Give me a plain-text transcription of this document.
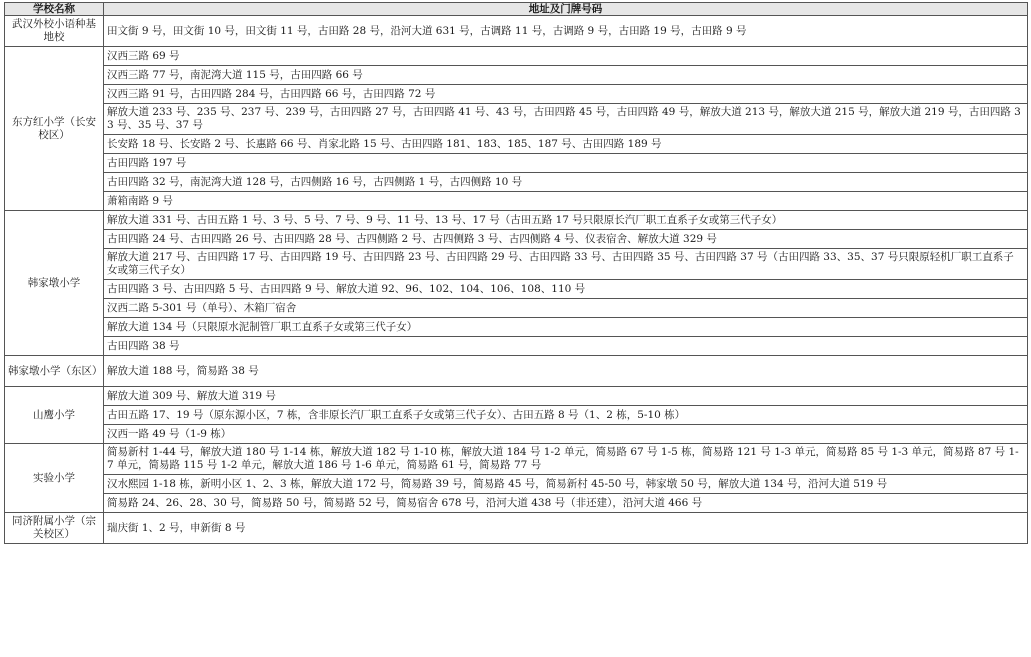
学校名称	地址及门牌号码
武汉外校小语种基地校	田文街 9 号，田文街 10 号，田文街 11 号，古田路 28 号，沿河大道 631 号，古调路 11 号，古调路 9 号，古田路 19 号，古田路 9 号
东方红小学（长安校区）	汉西三路 69 号
	汉西三路 77 号，南泥湾大道 115 号，古田四路 66 号
	汉西三路 91 号，古田四路 284 号，古田四路 66 号，古田四路 72 号
	解放大道 233 号、235 号、237 号、239 号，古田四路 27 号，古田四路 41 号、43 号，古田四路 45 号，古田四路 49 号，解放大道 213 号，解放大道 215 号，解放大道 219 号，古田四路 33 号、35 号、37 号
	长安路 18 号、长安路 2 号、长惠路 66 号、肖家北路 15 号、古田四路 181、183、185、187 号、古田四路 189 号
	古田四路 197 号
	古田四路 32 号，南泥湾大道 128 号，古四侧路 16 号，古四侧路 1 号，古四侧路 10 号
	萧箱南路 9 号
韩家墩小学	解放大道 331 号、古田五路 1 号、3 号、5 号、7 号、9 号、11 号、13 号、17 号（古田五路 17 号只限原长汽厂职工直系子女或第三代子女）
	古田四路 24 号、古田四路 26 号、古田四路 28 号、古四侧路 2 号、古四侧路 3 号、古四侧路 4 号、仪表宿舍、解放大道 329 号
	解放大道 217 号、古田四路 17 号、古田四路 19 号、古田四路 23 号、古田四路 29 号、古田四路 33 号、古田四路 35 号、古田四路 37 号（古田四路 33、35、37 号只限原轻机厂职工直系子女或第三代子女）
	古田四路 3 号、古田四路 5 号、古田四路 9 号、解放大道 92、96、102、104、106、108、110 号
	汉西二路 5-301 号（单号）、木箱厂宿舍
	解放大道 134 号（只限原水泥制管厂职工直系子女或第三代子女）
	古田四路 38 号
韩家墩小学（东区）	解放大道 188 号，简易路 38 号
山鹰小学	解放大道 309 号、解放大道 319 号
	古田五路 17、19 号（原东源小区，7 栋，含非原长汽厂职工直系子女或第三代子女）、古田五路 8 号（1、2 栋，5-10 栋）
	汉西一路 49 号（1-9 栋）
实验小学	简易新村 1-44 号，解放大道 180 号 1-14 栋，解放大道 182 号 1-10 栋，解放大道 184 号 1-2 单元，简易路 67 号 1-5 栋，简易路 121 号 1-3 单元，简易路 85 号 1-3 单元，简易路 87 号 1-7 单元，简易路 115 号 1-2 单元，解放大道 186 号 1-6 单元，简易路 61 号，简易路 77 号
	汉水熙园 1-18 栋，新明小区 1、2、3 栋，解放大道 172 号，简易路 39 号，简易路 45 号，简易新村 45-50 号，韩家墩 50 号，解放大道 134 号，沿河大道 519 号
	简易路 24、26、28、30 号，简易路 50 号，简易路 52 号，简易宿舍 678 号，沿河大道 438 号（非还建），沿河大道 466 号
同济附属小学（宗关校区）	瑞庆街 1、2 号，申新街 8 号
